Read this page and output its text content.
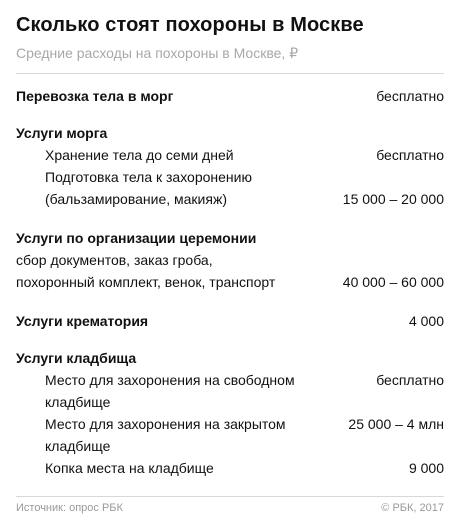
Сколько стоят похороны в Москве
Средние расходы на похороны в Москве, ₽
Перевозка тела в морг	бесплатно
Услуги морга
Хранение тела до семи дней	бесплатно
Подготовка тела к захоронению
(бальзамирование, макияж)	15 000 – 20 000
Услуги по организации церемонии
сбор документов, заказ гроба,
похоронный комплект, венок, транспорт	40 000 – 60 000
Услуги крематория	4 000
Услуги кладбища
Место для захоронения на свободном	бесплатно
кладбище
Место для захоронения на закрытом	25 000 – 4 млн
кладбище
Копка места на кладбище	9 000
Источник: опрос РБК	© РБК, 2017
